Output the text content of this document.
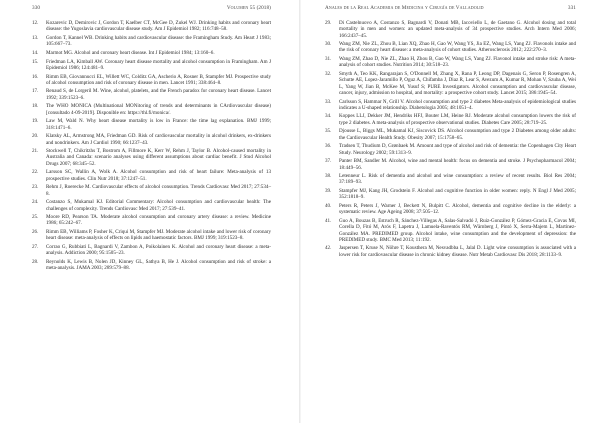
330	Volumen 55 (2018)
12.	Kozarevic D, Demirovic J, Gordon T, Kaelber CT, McGee D, Zukel WJ. Drinking habits and coronary heart disease: the Yugoslavia cardiovascular disease study. Am J Epidemiol 1982; 116:748–58.
13.	Gordon T, Kannel WB. Drinking habits and cardiovascular disease: the Framingham Study. Am Heart J 1983; 105:667–73.
14.	Marmot MG. Alcohol and coronary heart disease. Int J Epidemiol 1984; 13:160–6.
15.	Friedman LA, Kimball AW. Coronary heart disease mortality and alcohol consumption in Framingham. Am J Epidemiol 1986; 124:481–9.
16.	Rimm EB, Giovannucci EL, Willett WC, Colditz GA, Ascherio A, Rosner B, Stampfer MJ. Prospective study of alcohol consumption and risk of coronary disease in men. Lancet 1991; 338:464–8.
17.	Renaud S, de Lorgeril M. Wine, alcohol, platelets, and the French paradox for coronary heart disease. Lancet 1992; 339:1523–6.
18.	The WHO MONICA (Multinational MONitoring of trends and determinants in CArdiovascular disease) [consultado 4-09-2019]. Disponible en: https://thl.fi/monica/.
19.	Law M, Wald N. Why heart disease mortality is low in France: the time lag explanation. BMJ 1999; 318:1471–6.
20.	Klatsky AL, Armstrong MA, Friedman GD. Risk of cardiovascular mortality in alcohol drinkers, ex-drinkers and nondrinkers. Am J Cardiol 1990; 66:1237–43.
21.	Stockwell T, Chikritzhs T, Bostrom A, Fillmore K, Kerr W, Rehm J, Taylor B. Alcohol-caused mortality in Australia and Canada: scenario analyses using different assumptions about cardiac benefit. J Stud Alcohol Drugs 2007; 68:345–52.
22.	Larsson SC, Wallin A, Wolk A. Alcohol consumption and risk of heart failure: Meta-analysis of 13 prospective studies. Clin Nutr 2018; 37:1247–51.
23.	Rehm J, Roerecke M. Cardiovascular effects of alcohol consumption. Trends Cardiovasc Med 2017; 27:534–8.
24.	Costanzo S, Mukamal KJ. Editorial Commentary: Alcohol consumption and cardiovascular health: The challenges of complexity. Trends Cardiovasc Med 2017; 27:539–41.
25.	Moore RD, Pearson TA. Moderate alcohol consumption and coronary artery disease: a review. Medicine 1986; 65:242–67.
26.	Rimm EB, Williams P, Fosher K, Criqui M, Stampfer MJ. Moderate alcohol intake and lower risk of coronary heart disease: meta-analysis of effects on lipids and haemostatic factors. BMJ 1999; 319:1523–8.
27.	Corrao G, Rubbiati L, Bagnardi V, Zambon A, Poikolainen K. Alcohol and coronary heart disease: a meta-analysis. Addiction 2000; 95:1505–23.
28.	Reynolds K, Lewis B, Nolen JD, Kinney GL, Sathya B, He J. Alcohol consumption and risk of stroke: a meta-analysis. JAMA 2003; 289:579–88.
Anales de la Real Academia de Medicina y Cirugía de Valladolid	331
29.	Di Castelnuovo A, Costanzo S, Bagnardi V, Donati MB, Iacoviello L, de Gaetano G. Alcohol dosing and total mortality in men and women: an updated meta-analysis of 34 prospective studies. Arch Intern Med 2006; 166:2437–45.
30.	Wang ZM, Nie ZL, Zhou B, Lian XQ, Zhao H, Gao W, Wang YS, Jia EZ, Wang LS, Yang ZJ. Flavonols intake and the risk of coronary heart disease: a meta-analysis of cohort studies. Atherosclerosis 2012; 222:270–3.
31.	Wang ZM, Zhao D, Nie ZL, Zhao H, Zhou B, Gao W, Wang LS, Yang ZJ. Flavonol intake and stroke risk: A meta-analysis of cohort studies. Nutrition 2014; 30:518–23.
32.	Smyth A, Teo KK, Rangarajan S, O'Donnell M, Zhang X, Rana P, Leong DP, Dagenais G, Seron P, Rosengren A, Schutte AE, Lopez-Jaramillo P, Oguz A, Chifamba J, Diaz R, Lear S, Avezum A, Kumar R, Mohan V, Szuba A, Wei L, Yang W, Jian B, McKee M, Yusuf S; PURE Investigators. Alcohol consumption and cardiovascular disease, cancer, injury, admission to hospital, and mortality: a prospective cohort study. Lancet 2015; 386:1945–54.
33.	Carlsson S, Hammar N, Grill V. Alcohol consumption and type 2 diabetes Meta-analysis of epidemiological studies indicates a U-shaped relationship. Diabetologia 2005; 48:1051–4.
34.	Koppes LLJ, Dekker JM, Hendriks HFJ, Bouter LM, Heine RJ. Moderate alcohol consumption lowers the risk of type 2 diabetes. A meta-analysis of prospective observational studies. Diabetes Care 2005; 28:719–25.
35.	Djousse L, Biggs ML, Mukamal KJ, Siscovick DS. Alcohol consumption and type 2 Diabetes among older adults: the Cardiovascular Health Study. Obesity 2007; 15:1758–65.
36.	Tradsen T, Thudium D, Grønbaek M. Amount and type of alcohol and risk of dementia: the Copenhagen City Heart Study. Neurology 2002; 59:1313–9.
37.	Panter BM, Sandler M. Alcohol, wine and mental health: focus on dementia and stroke. J Psychopharmacol 2004; 18:449–56.
38.	Letenneur L. Risk of dementia and alcohol and wine consumption: a review of recent results. Biol Res 2004; 37:189–93.
39.	Stampfer MJ, Kang JH, Grodstein F. Alcohol and cognitive function in older women: reply. N Engl J Med 2005; 352:1818–9.
40.	Peters R, Peters J, Warner J, Beckett N, Bulpitt C. Alcohol, dementia and cognitive decline in the elderly: a systematic review. Age Ageing 2008; 37:505–12.
41.	Guo A, Bouzas B, Estruch R, Sánchez-Villegas A, Salas-Salvadó J, Ruiz-González P, Gómez-Gracia E, Covas MI, Corella D, Fitó M, Arós F, Lapetra J, Lamuela-Raventós RM, Wärnberg J, Pintó X, Serra-Majem L, Martínez-González MA. PREDIMED group. Alcohol intake, wine consumption and the development of depression: the PREDIMED study. BMC Med 2013; 11:192.
42.	Jaspersen T, Kruse N, Nöhre T, Kousthera M, Nesvadbba L, Jalal D. Light wine consumption is associated with a lower risk for cardiovascular disease in chronic kidney disease. Nutr Metab Cardiovasc Dis 2018; 28:1133–9.
